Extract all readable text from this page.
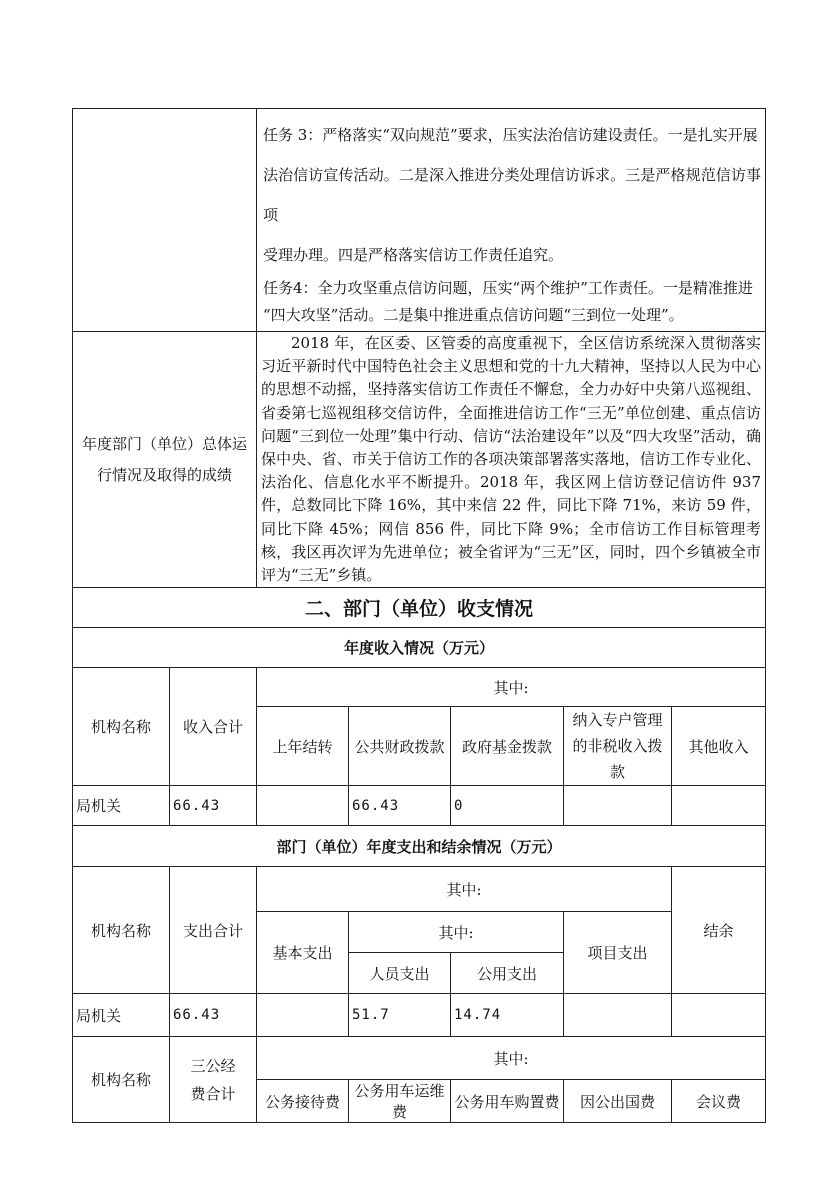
		任务 3：严格落实“双向规范”要求，压实法治信访建设责任。一是扎实开展

法治信访宣传活动。二是深入推进分类处理信访诉求。三是严格规范信访事项

受理办理。四是严格落实信访工作责任追究。

任务4：全力攻坚重点信访问题，压实“两个维护”工作责任。一是精准推进

“四大攻坚”活动。二是集中推进重点信访问题“三到位一处理”。				

年度部门（单位）总体运行情况及取得的成绩		2018 年，在区委、区管委的高度重视下，全区信访系统深入贯彻落实习近平新时代中国特色社会主义思想和党的十九大精神，坚持以人民为中心的思想不动摇，坚持落实信访工作责任不懈怠，全力办好中央第八巡视组、省委第七巡视组移交信访件，全面推进信访工作“三无”单位创建、重点信访问题“三到位一处理”集中行动、信访“法治建设年”以及“四大攻坚”活动，确保中央、省、市关于信访工作的各项决策部署落实落地，信访工作专业化、法治化、信息化水平不断提升。2018 年，我区网上信访登记信访件 937 件，总数同比下降 16%，其中来信 22 件，同比下降 71%，来访 59 件，同比下降 45%；网信 856 件，同比下降 9%；全市信访工作目标管理考核，我区再次评为先进单位；被全省评为“三无”区，同时，四个乡镇被全市评为“三无”乡镇。				
二、部门（单位）收支情况						
年度收入情况（万元）						
机构名称	收入合计	其中:				
		上年结转	公共财政拨款	政府基金拨款	纳入专户管理的非税收入拨款	其他收入
局机关	66.43		66.43	0		
部门（单位）年度支出和结余情况（万元）						
机构名称	支出合计	其中:				结余
		基本支出	其中:		项目支出	
			人员支出	公用支出		
局机关	66.43		51.7	14.74		
机构名称	三公经费合计	其中:				
		公务接待费	公务用车运维费	公务用车购置费	因公出国费	会议费
